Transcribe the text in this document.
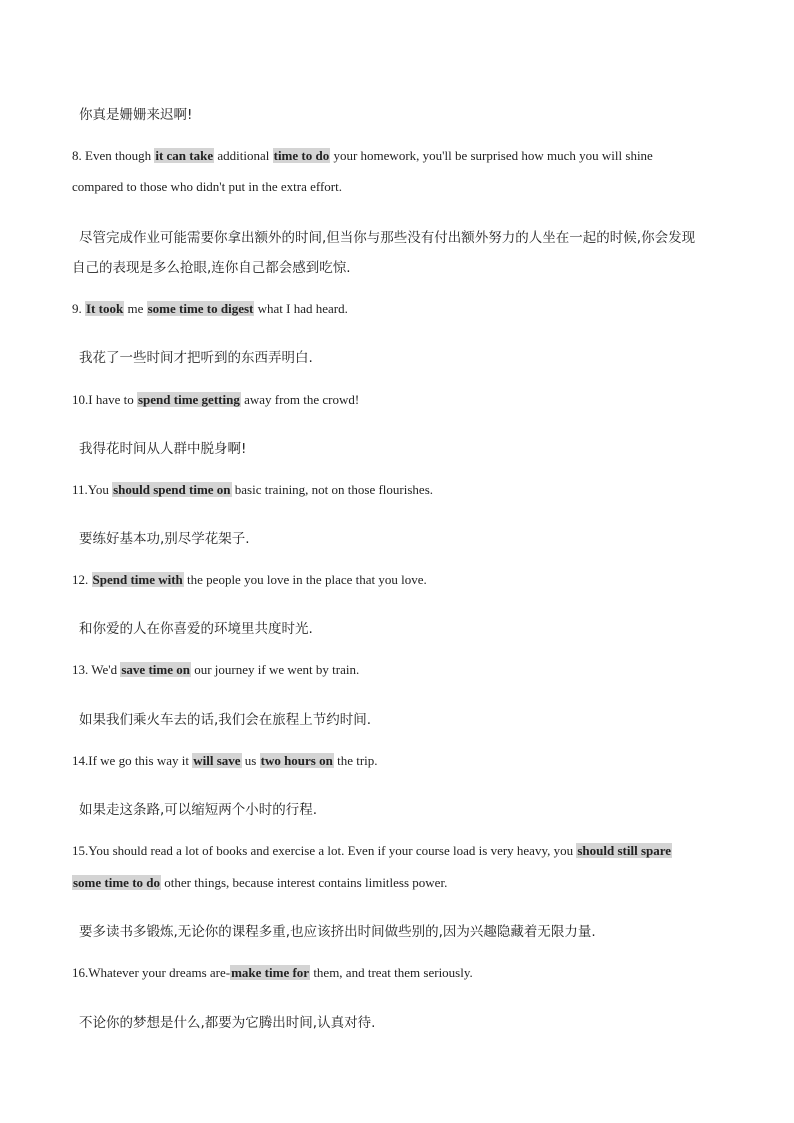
你真是姗姗来迟啊!
8. Even though it can take additional time to do your homework, you'll be surprised how much you will shine
compared to those who didn't put in the extra effort.
尽管完成作业可能需要你拿出额外的时间,但当你与那些没有付出额外努力的人坐在一起的时候,你会发现
自己的表现是多么抢眼,连你自己都会感到吃惊.
9. It took me some time to digest what I had heard.
我花了一些时间才把听到的东西弄明白.
10.I have to spend time getting away from the crowd!
我得花时间从人群中脱身啊!
11.You should spend time on basic training, not on those flourishes.
要练好基本功,别尽学花架子.
12. Spend time with the people you love in the place that you love.
和你爱的人在你喜爱的环境里共度时光.
13. We'd save time on our journey if we went by train.
如果我们乘火车去的话,我们会在旅程上节约时间.
14.If we go this way it will save us two hours on the trip.
如果走这条路,可以缩短两个小时的行程.
15.You should read a lot of books and exercise a lot. Even if your course load is very heavy, you should still spare
some time to do other things, because interest contains limitless power.
要多读书多锻炼,无论你的课程多重,也应该挤出时间做些别的,因为兴趣隐藏着无限力量.
16.Whatever your dreams are-make time for them, and treat them seriously.
不论你的梦想是什么,都要为它腾出时间,认真对待.
